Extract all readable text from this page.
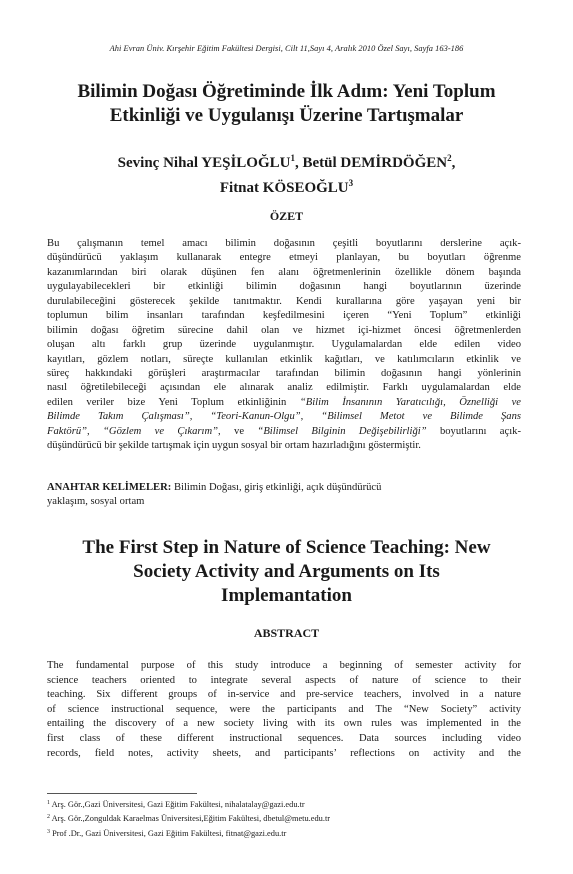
Ahi Evran Üniv. Kırşehir Eğitim Fakültesi Dergisi, Cilt 11,Sayı 4, Aralık 2010 Özel Sayı, Sayfa 163-186
Bilimin Doğası Öğretiminde İlk Adım: Yeni Toplum
Etkinliği ve Uygulanışı Üzerine Tartışmalar
Sevinç Nihal YEŞİLOĞLU$^1$, Betül DEMİRDÖĞEN$^2$,
Fitnat KÖSEOĞLU$^3$
ÖZET
Bu çalışmanın temel amacı bilimin doğasının çeşitli boyutlarını derslerine açık-
düşündürücü yaklaşım kullanarak entegre etmeyi planlayan, bu boyutları öğrenme
kazanımlarından biri olarak düşünen fen alanı öğretmenlerinin özellikle dönem başında
uygulayabilecekleri bir etkinliği bilimin doğasının hangi boyutlarının üzerinde
durulabileceğini gösterecek şekilde tanıtmaktır. Kendi kurallarına göre yaşayan yeni bir
toplumun bilim insanları tarafından keşfedilmesini içeren “Yeni Toplum” etkinliği
bilimin doğası öğretim sürecine dahil olan ve hizmet içi-hizmet öncesi öğretmenlerden
oluşan altı farklı grup üzerinde uygulanmıştır. Uygulamalardan elde edilen video
kayıtları, gözlem notları, süreçte kullanılan etkinlik kağıtları, ve katılımcıların etkinlik ve
süreç hakkındaki görüşleri araştırmacılar tarafından bilimin doğasının hangi yönlerinin
nasıl öğretilebileceği açısından ele alınarak analiz edilmiştir. Farklı uygulamalardan elde
edilen veriler bize Yeni Toplum etkinliğinin “Bilim İnsanının Yaratıcılığı, Öznelliği ve
Bilimde Takım Çalışması”, “Teori-Kanun-Olgu”, “Bilimsel Metot ve Bilimde Şans
Faktörü”, “Gözlem ve Çıkarım”, ve “Bilimsel Bilginin Değişebilirliği” boyutlarını açık-
düşündürücü bir şekilde tartışmak için uygun sosyal bir ortam hazırladığını göstermiştir.
ANAHTAR KELİMELER: Bilimin Doğası, giriş etkinliği, açık düşündürücü
yaklaşım, sosyal ortam
The First Step in Nature of Science Teaching: New
Society Activity and Arguments on Its
Implemantation
ABSTRACT
The fundamental purpose of this study introduce a beginning of semester activity for
science teachers oriented to integrate several aspects of nature of science to their
teaching. Six different groups of in-service and pre-service teachers, involved in a nature
of science instructional sequence, were the participants and The “New Society” activity
entailing the discovery of a new society living with its own rules was implemented in the
first class of these different instructional sequences. Data sources including video
records, field notes, activity sheets, and participants’ reflections on activity and the
$^1$ Arş. Gör.,Gazi Üniversitesi, Gazi Eğitim Fakültesi, nihalatalay@gazi.edu.tr
$^2$ Arş. Gör.,Zonguldak Karaelmas Üniversitesi,Eğitim Fakültesi, dbetul@metu.edu.tr
$^3$ Prof .Dr., Gazi Üniversitesi, Gazi Eğitim Fakültesi, fitnat@gazi.edu.tr
